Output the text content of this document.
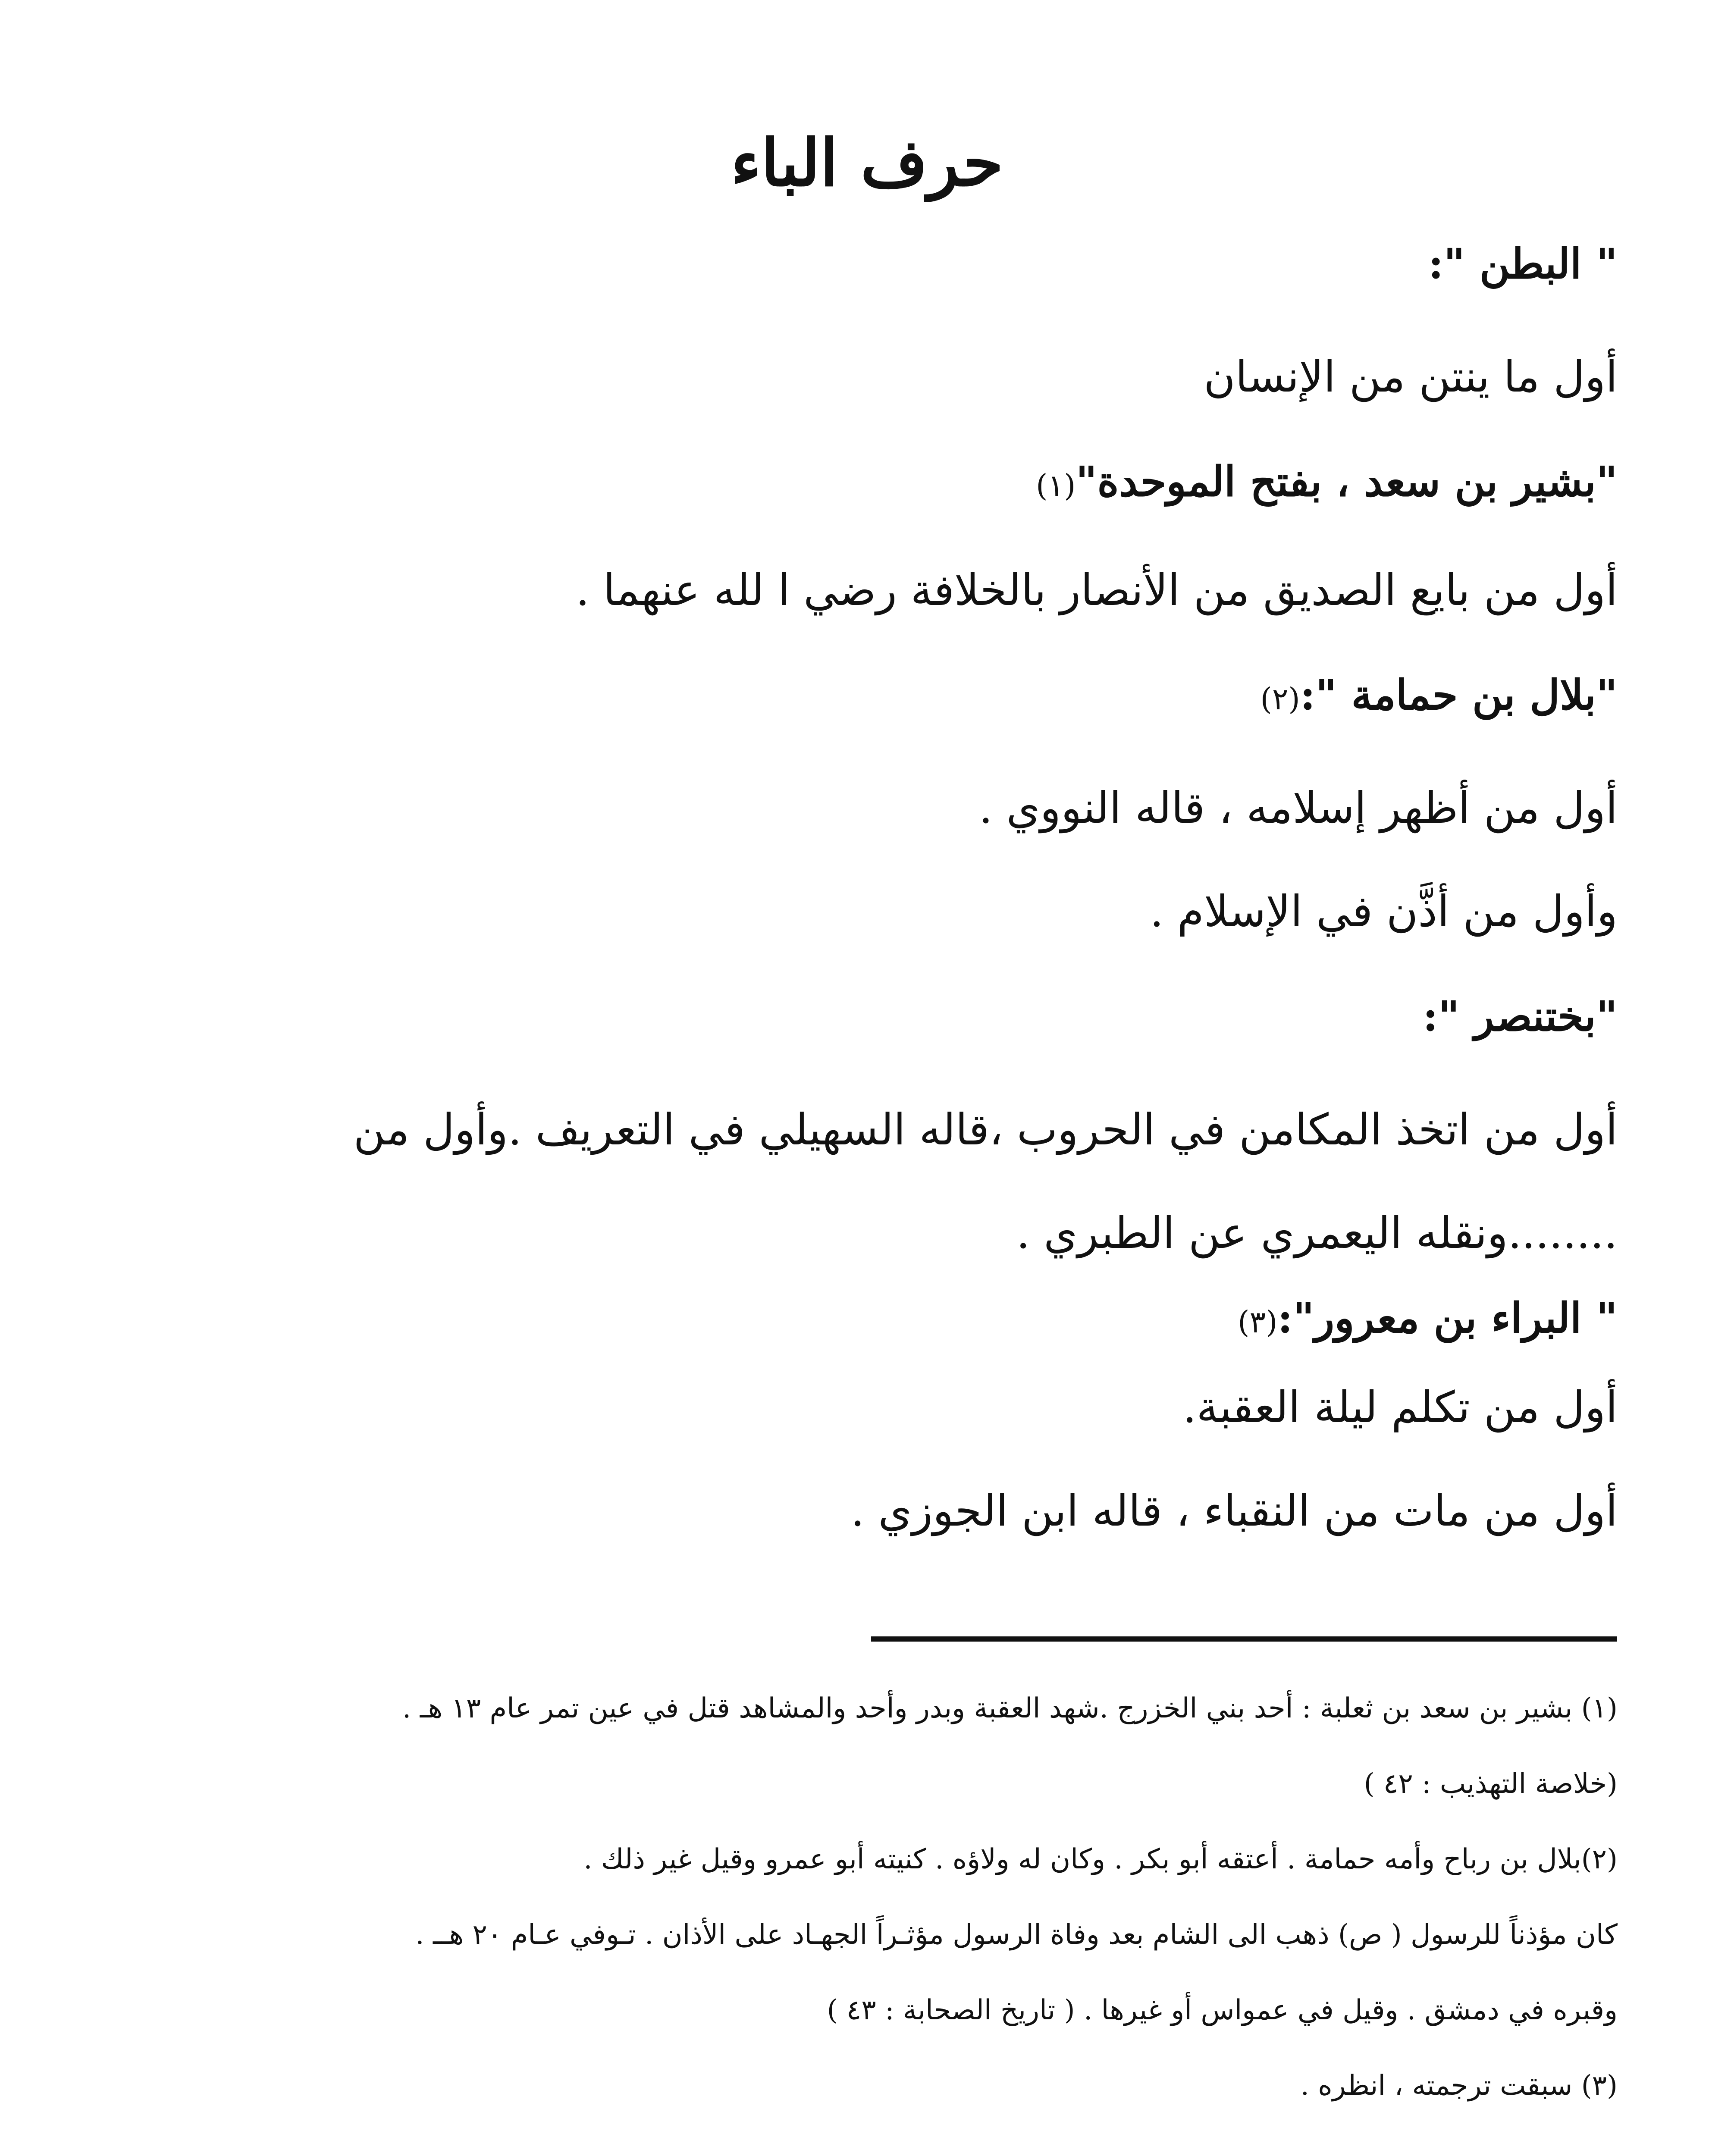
حرف الباء
" البطن ":
أول ما ينتن من الإنسان
"بشير بن سعد ، بفتح الموحدة"(١)
أول من بايع الصديق من الأنصار بالخلافة رضي ا لله عنهما .
"بلال بن حمامة ":(٢)
أول من أظهر إسلامه ، قاله النووي .
وأول من أذَّن في الإسلام .
"بختنصر ":
أول من اتخذ المكامن في الحروب ،قاله السهيلي في التعريف .وأول من ........ونقله اليعمري عن الطبري .
" البراء بن معرور":(٣)
أول من تكلم ليلة العقبة.
أول من مات من النقباء ، قاله ابن الجوزي .
(١) بشير بن سعد بن ثعلبة : أحد بني الخزرج .شهد العقبة وبدر وأحد والمشاهد قتل في عين تمر عام ١٣ هـ .
(خلاصة التهذيب : ٤٢ )
(٢)بلال بن رباح وأمه حمامة . أعتقه أبو بكر . وكان له ولاؤه . كنيته أبو عمرو وقيل غير ذلك .
كان مؤذناً للرسول ( ص) ذهب الى الشام بعد وفاة الرسول مؤثـراً الجهـاد على الأذان . تـوفي عـام ٢٠ هــ .
وقبره في دمشق . وقيل في عمواس أو غيرها . ( تاريخ الصحابة : ٤٣ )
(٣) سبقت ترجمته ، انظره .
